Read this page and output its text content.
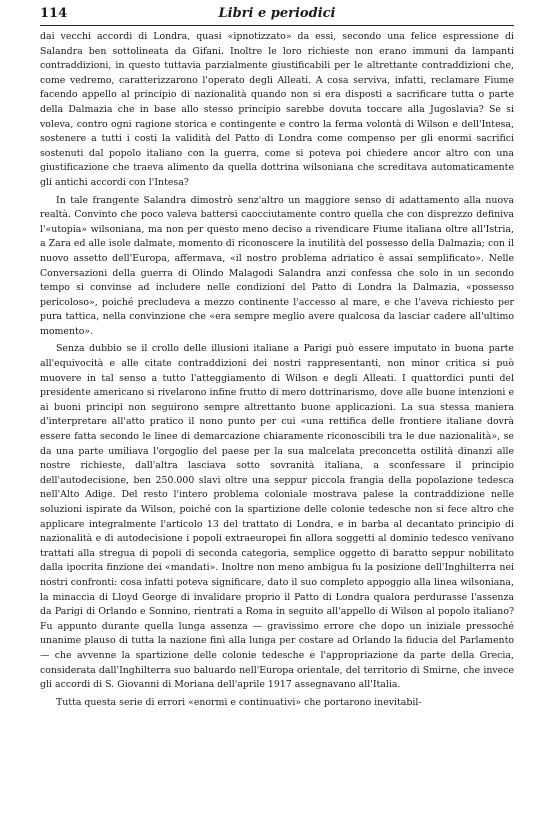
114	Libri e periodici

dai vecchi accordi di Londra, quasi «ipnotizzato» da essi, secondo una felice espressione di Salandra ben sottolineata da Gifani. Inoltre le loro richieste non erano immuni da lampanti contraddizioni, in questo tuttavia parzialmente giustificabili per le altrettante contraddizioni che, come vedremo, caratterizzarono l'operato degli Alleati. A cosa serviva, infatti, reclamare Fiume facendo appello al principio di nazionalità quando non si era disposti a sacrificare tutta o parte della Dalmazia che in base allo stesso principio sarebbe dovuta toccare alla Jugoslavia? Se si voleva, contro ogni ragione storica e contingente e contro la ferma volontà di Wilson e dell'Intesa, sostenere a tutti i costi la validità del Patto di Londra come compenso per gli enormi sacrifici sostenuti dal popolo italiano con la guerra, come si poteva poi chiedere ancor altro con una giustificazione che traeva alimento da quella dottrina wilsoniana che screditava automaticamente gli antichi accordi con l'Intesa?

In tale frangente Salandra dimostrò senz'altro un maggiore senso di adattamento alla nuova realtà. Convinto che poco valeva battersi caocciutamente contro quella che con disprezzo definiva l'«utopia» wilsoniana, ma non per questo meno deciso a rivendicare Fiume italiana oltre all'Istria, a Zara ed alle isole dalmate, momento di riconoscere la inutilità del possesso della Dalmazia; con il nuovo assetto dell'Europa, affermava, «il nostro problema adriatico è assai semplificato». Nelle Conversazioni della guerra di Olindo Malagodi Salandra anzi confessa che solo in un secondo tempo si convinse ad includere nelle condizioni del Patto di Londra la Dalmazia, «possesso pericoloso», poiché precludeva a mezzo continente l'accesso al mare, e che l'aveva richiesto per pura tattica, nella convinzione che «era sempre meglio avere qualcosa da lasciar cadere all'ultimo momento».

Senza dubbio se il crollo delle illusioni italiane a Parigi può essere imputato in buona parte all'equivocità e alle citate contraddizioni dei nostri rappresentanti, non minor critica si può muovere in tal senso a tutto l'atteggiamento di Wilson e degli Alleati. I quattordici punti del presidente americano si rivelarono infine frutto di mero dottrinarismo, dove alle buone intenzioni e ai buoni principi non seguirono sempre altrettanto buone applicazioni. La sua stessa maniera d'interpretare all'atto pratico il nono punto per cui «una rettifica delle frontiere italiane dovrà essere fatta secondo le linee di demarcazione chiaramente riconoscibili tra le due nazionalità», se da una parte umiliava l'orgoglio del paese per la sua malcelata preconcetta ostilità dinanzi alle nostre richieste, dall'altra lasciava sotto sovranità italiana, a sconfessare il principio dell'autodecisione, ben 250.000 slavi oltre una seppur piccola frangia della popolazione tedesca nell'Alto Adige. Del resto l'intero problema coloniale mostrava palese la contraddizione nelle soluzioni ispirate da Wilson, poiché con la spartizione delle colonie tedesche non si fece altro che applicare integralmente l'articolo 13 del trattato di Londra, e in barba al decantato principio di nazionalità e di autodecisione i popoli extraeuropei fin allora soggetti al dominio tedesco venivano trattati alla stregua di popoli di seconda categoria, semplice oggetto di baratto seppur nobilitato dalla ipocrita finzione dei «mandati». Inoltre non meno ambigua fu la posizione dell'Inghilterra nei nostri confronti: cosa infatti poteva significare, dato il suo completo appoggio alla linea wilsoniana, la minaccia di Lloyd George di invalidare proprio il Patto di Londra qualora perdurasse l'assenza da Parigi di Orlando e Sonnino, rientrati a Roma in seguito all'appello di Wilson al popolo italiano? Fu appunto durante quella lunga assenza — gravissimo errore che dopo un iniziale pressoché unanime plauso di tutta la nazione finì alla lunga per costare ad Orlando la fiducia del Parlamento — che avvenne la spartizione delle colonie tedesche e l'appropriazione da parte della Grecia, considerata dall'Inghilterra suo baluardo nell'Europa orientale, del territorio di Smirne, che invece gli accordi di S. Giovanni di Moriana dell'aprile 1917 assegnavano all'Italia.

Tutta questa serie di errori «enormi e continuativi» che portarono inevitabil-
